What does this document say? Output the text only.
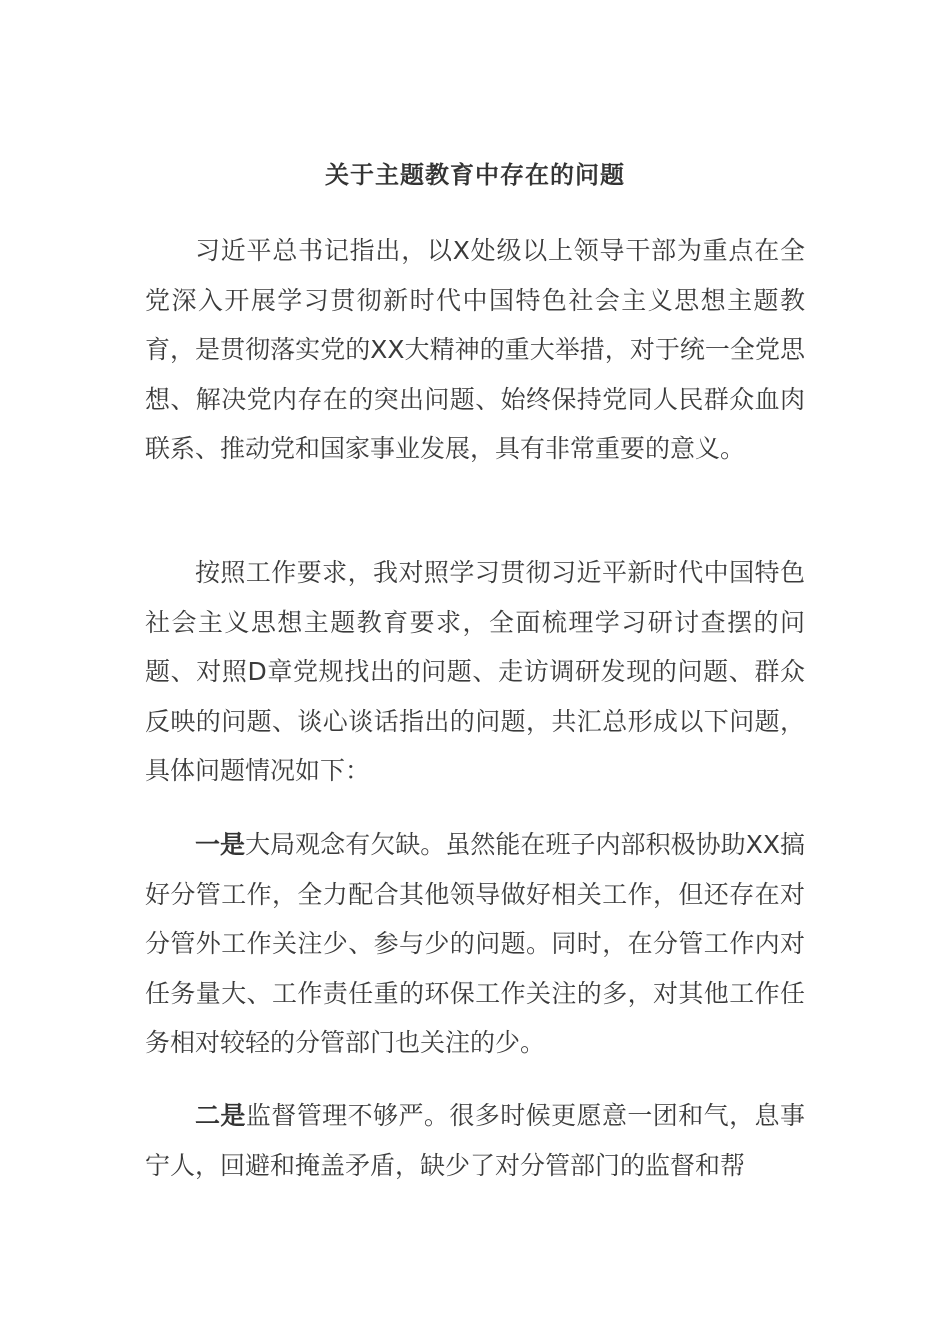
关于主题教育中存在的问题

习近平总书记指出，以X处级以上领导干部为重点在全党深入开展学习贯彻新时代中国特色社会主义思想主题教育，是贯彻落实党的XX大精神的重大举措，对于统一全党思想、解决党内存在的突出问题、始终保持党同人民群众血肉联系、推动党和国家事业发展，具有非常重要的意义。

按照工作要求，我对照学习贯彻习近平新时代中国特色社会主义思想主题教育要求，全面梳理学习研讨查摆的问题、对照D章党规找出的问题、走访调研发现的问题、群众反映的问题、谈心谈话指出的问题，共汇总形成以下问题，具体问题情况如下：

一是大局观念有欠缺。虽然能在班子内部积极协助XX搞好分管工作，全力配合其他领导做好相关工作，但还存在对分管外工作关注少、参与少的问题。同时，在分管工作内对任务量大、工作责任重的环保工作关注的多，对其他工作任务相对较轻的分管部门也关注的少。

二是监督管理不够严。很多时候更愿意一团和气，息事宁人，回避和掩盖矛盾，缺少了对分管部门的监督和帮
